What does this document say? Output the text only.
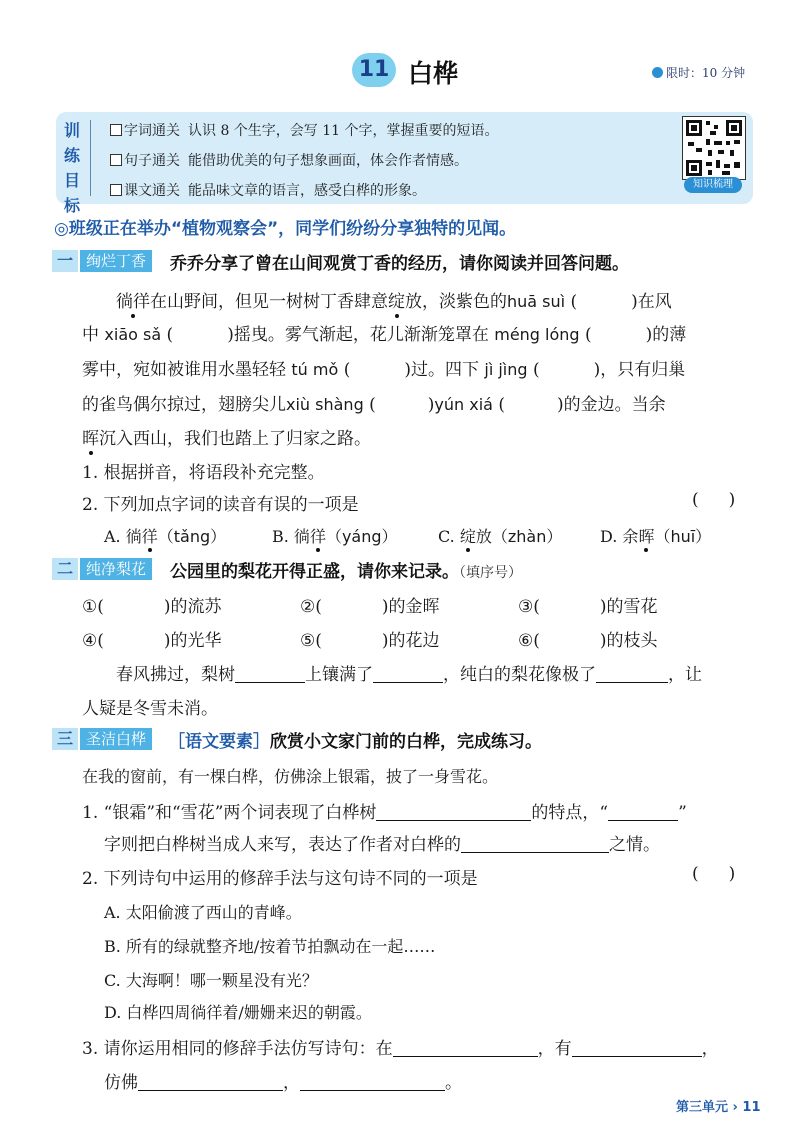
11 白桦	限时：10 分钟
训
练
目
标
字词通关 认识 8 个生字，会写 11 个字，掌握重要的短语。
句子通关 能借助优美的句子想象画面，体会作者情感。
课文通关 能品味文章的语言，感受白桦的形象。	知识梳理
◎班级正在举办“植物观察会”，同学们纷纷分享独特的见闻。
一 绚烂丁香	乔乔分享了曾在山间观赏丁香的经历，请你阅读并回答问题。
徜徉在山野间，但见一树树丁香肆意绽放，淡紫色的huā suì (	)在风
中 xiāo sǎ (	)摇曳。雾气渐起，花儿渐渐笼罩在 méng lóng (	)的薄
雾中，宛如被谁用水墨轻轻 tú mǒ (	)过。四下 jì jìng (	)，只有归巢
的雀鸟偶尔掠过，翅膀尖儿xiù shàng (	)yún xiá (	)的金边。当余
晖沉入西山，我们也踏上了归家之路。
1. 根据拼音，将语段补充完整。
2. 下列加点字词的读音有误的一项是	( )
A. 徜徉（tǎng）	B. 徜徉（yáng）	C. 绽放（zhàn） D. 余晖（huī）
二 纯净梨花	公园里的梨花开得正盛，请你来记录。（填序号）
①(	)的流苏	②(	)的金晖	③(	)的雪花
④(	)的光华	⑤(	)的花边	⑥(	)的枝头
春风拂过，梨树	上镶满了	，纯白的梨花像极了	，让
人疑是冬雪未消。
三 圣洁白桦	［语文要素］欣赏小文家门前的白桦，完成练习。
在我的窗前，有一棵白桦，仿佛涂上银霜，披了一身雪花。
1. “银霜”和“雪花”两个词表现了白桦树	的特点，“	”
字则把白桦树当成人来写，表达了作者对白桦的	之情。
2. 下列诗句中运用的修辞手法与这句诗不同的一项是	( )
A. 太阳偷渡了西山的青峰。
B. 所有的绿就整齐地/按着节拍飘动在一起……
C. 大海啊！哪一颗星没有光？
D. 白桦四周徜徉着/姗姗来迟的朝霞。
3. 请你运用相同的修辞手法仿写诗句：在	，有	，
仿佛	，	。
第三单元 › 11
